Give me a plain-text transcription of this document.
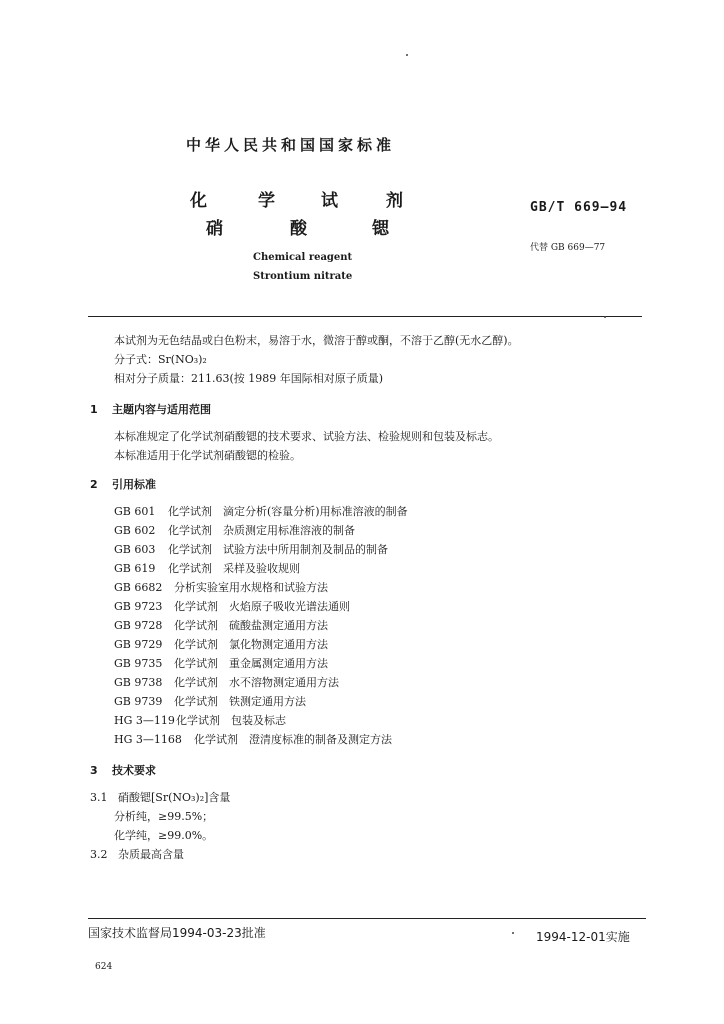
中华人民共和国国家标准
化	学	试	剂
硝	酸	锶
Chemical reagent
Strontium nitrate
GB/T 669—94
代替 GB 669—77
本试剂为无色结晶或白色粉末，易溶于水，微溶于醇或酮，不溶于乙醇(无水乙醇)。
分子式：Sr(NO₃)₂
相对分子质量：211.63(按 1989 年国际相对原子质量)
1 主题内容与适用范围
本标准规定了化学试剂硝酸锶的技术要求、试验方法、检验规则和包装及标志。
本标准适用于化学试剂硝酸锶的检验。
2 引用标准
GB 601 化学试剂　滴定分析(容量分析)用标准溶液的制备
GB 602 化学试剂　杂质测定用标准溶液的制备
GB 603 化学试剂　试验方法中所用制剂及制品的制备
GB 619 化学试剂　采样及验收规则
GB 6682 分析实验室用水规格和试验方法
GB 9723 化学试剂　火焰原子吸收光谱法通则
GB 9728 化学试剂　硫酸盐测定通用方法
GB 9729 化学试剂　氯化物测定通用方法
GB 9735 化学试剂　重金属测定通用方法
GB 9738 化学试剂　水不溶物测定通用方法
GB 9739 化学试剂　铁测定通用方法
HG 3—119化学试剂　包装及标志
HG 3—1168 化学试剂　澄清度标准的制备及测定方法
3 技术要求
3.1 硝酸锶[Sr(NO₃)₂]含量
分析纯，≥99.5%；
化学纯，≥99.0%。
3.2 杂质最高含量
国家技术监督局1994-03-23批准	1994-12-01实施
624
